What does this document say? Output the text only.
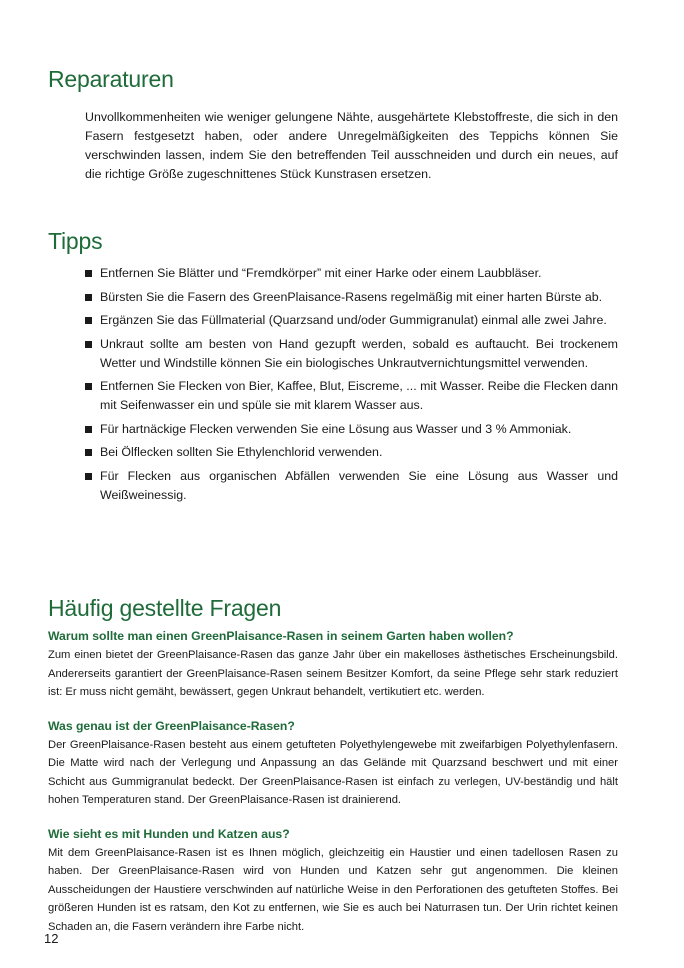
Reparaturen

Unvollkommenheiten wie weniger gelungene Nähte, ausgehärtete Klebstoffreste, die sich in den Fasern festgesetzt haben, oder andere Unregelmäßigkeiten des Teppichs können Sie verschwinden lassen, indem Sie den betreffenden Teil ausschneiden und durch ein neues, auf die richtige Größe zugeschnittenes Stück Kunstrasen ersetzen.

Tipps
Entfernen Sie Blätter und “Fremdkörper” mit einer Harke oder einem Laubbläser.
Bürsten Sie die Fasern des GreenPlaisance-Rasens regelmäßig mit einer harten Bürste ab.
Ergänzen Sie das Füllmaterial (Quarzsand und/oder Gummigranulat) einmal alle zwei Jahre.
Unkraut sollte am besten von Hand gezupft werden, sobald es auftaucht. Bei trockenem Wetter und Windstille können Sie ein biologisches Unkrautvernichtungsmittel verwenden.
Entfernen Sie Flecken von Bier, Kaffee, Blut, Eiscreme, ... mit Wasser. Reibe die Flecken dann mit Seifenwasser ein und spüle sie mit klarem Wasser aus.
Für hartnäckige Flecken verwenden Sie eine Lösung aus Wasser und 3 % Ammoniak.
Bei Ölflecken sollten Sie Ethylenchlorid verwenden.
Für Flecken aus organischen Abfällen verwenden Sie eine Lösung aus Wasser und Weißweinessig.
Häufig gestellte Fragen

Warum sollte man einen GreenPlaisance-Rasen in seinem Garten haben wollen?

Zum einen bietet der GreenPlaisance-Rasen das ganze Jahr über ein makelloses ästhetisches Erscheinungsbild. Andererseits garantiert der GreenPlaisance-Rasen seinem Besitzer Komfort, da seine Pflege sehr stark reduziert ist: Er muss nicht gemäht, bewässert, gegen Unkraut behandelt, vertikutiert etc. werden.

Was genau ist der GreenPlaisance-Rasen?

Der GreenPlaisance-Rasen besteht aus einem getufteten Polyethylengewebe mit zweifarbigen Polyethylenfasern. Die Matte wird nach der Verlegung und Anpassung an das Gelände mit Quarzsand beschwert und mit einer Schicht aus Gummigranulat bedeckt. Der GreenPlaisance-Rasen ist einfach zu verlegen, UV-beständig und hält hohen Temperaturen stand. Der GreenPlaisance-Rasen ist drainierend.

Wie sieht es mit Hunden und Katzen aus?

Mit dem GreenPlaisance-Rasen ist es Ihnen möglich, gleichzeitig ein Haustier und einen tadellosen Rasen zu haben. Der GreenPlaisance-Rasen wird von Hunden und Katzen sehr gut angenommen. Die kleinen Ausscheidungen der Haustiere verschwinden auf natürliche Weise in den Perforationen des getufteten Stoffes. Bei größeren Hunden ist es ratsam, den Kot zu entfernen, wie Sie es auch bei Naturrasen tun. Der Urin richtet keinen Schaden an, die Fasern verändern ihre Farbe nicht.

12
